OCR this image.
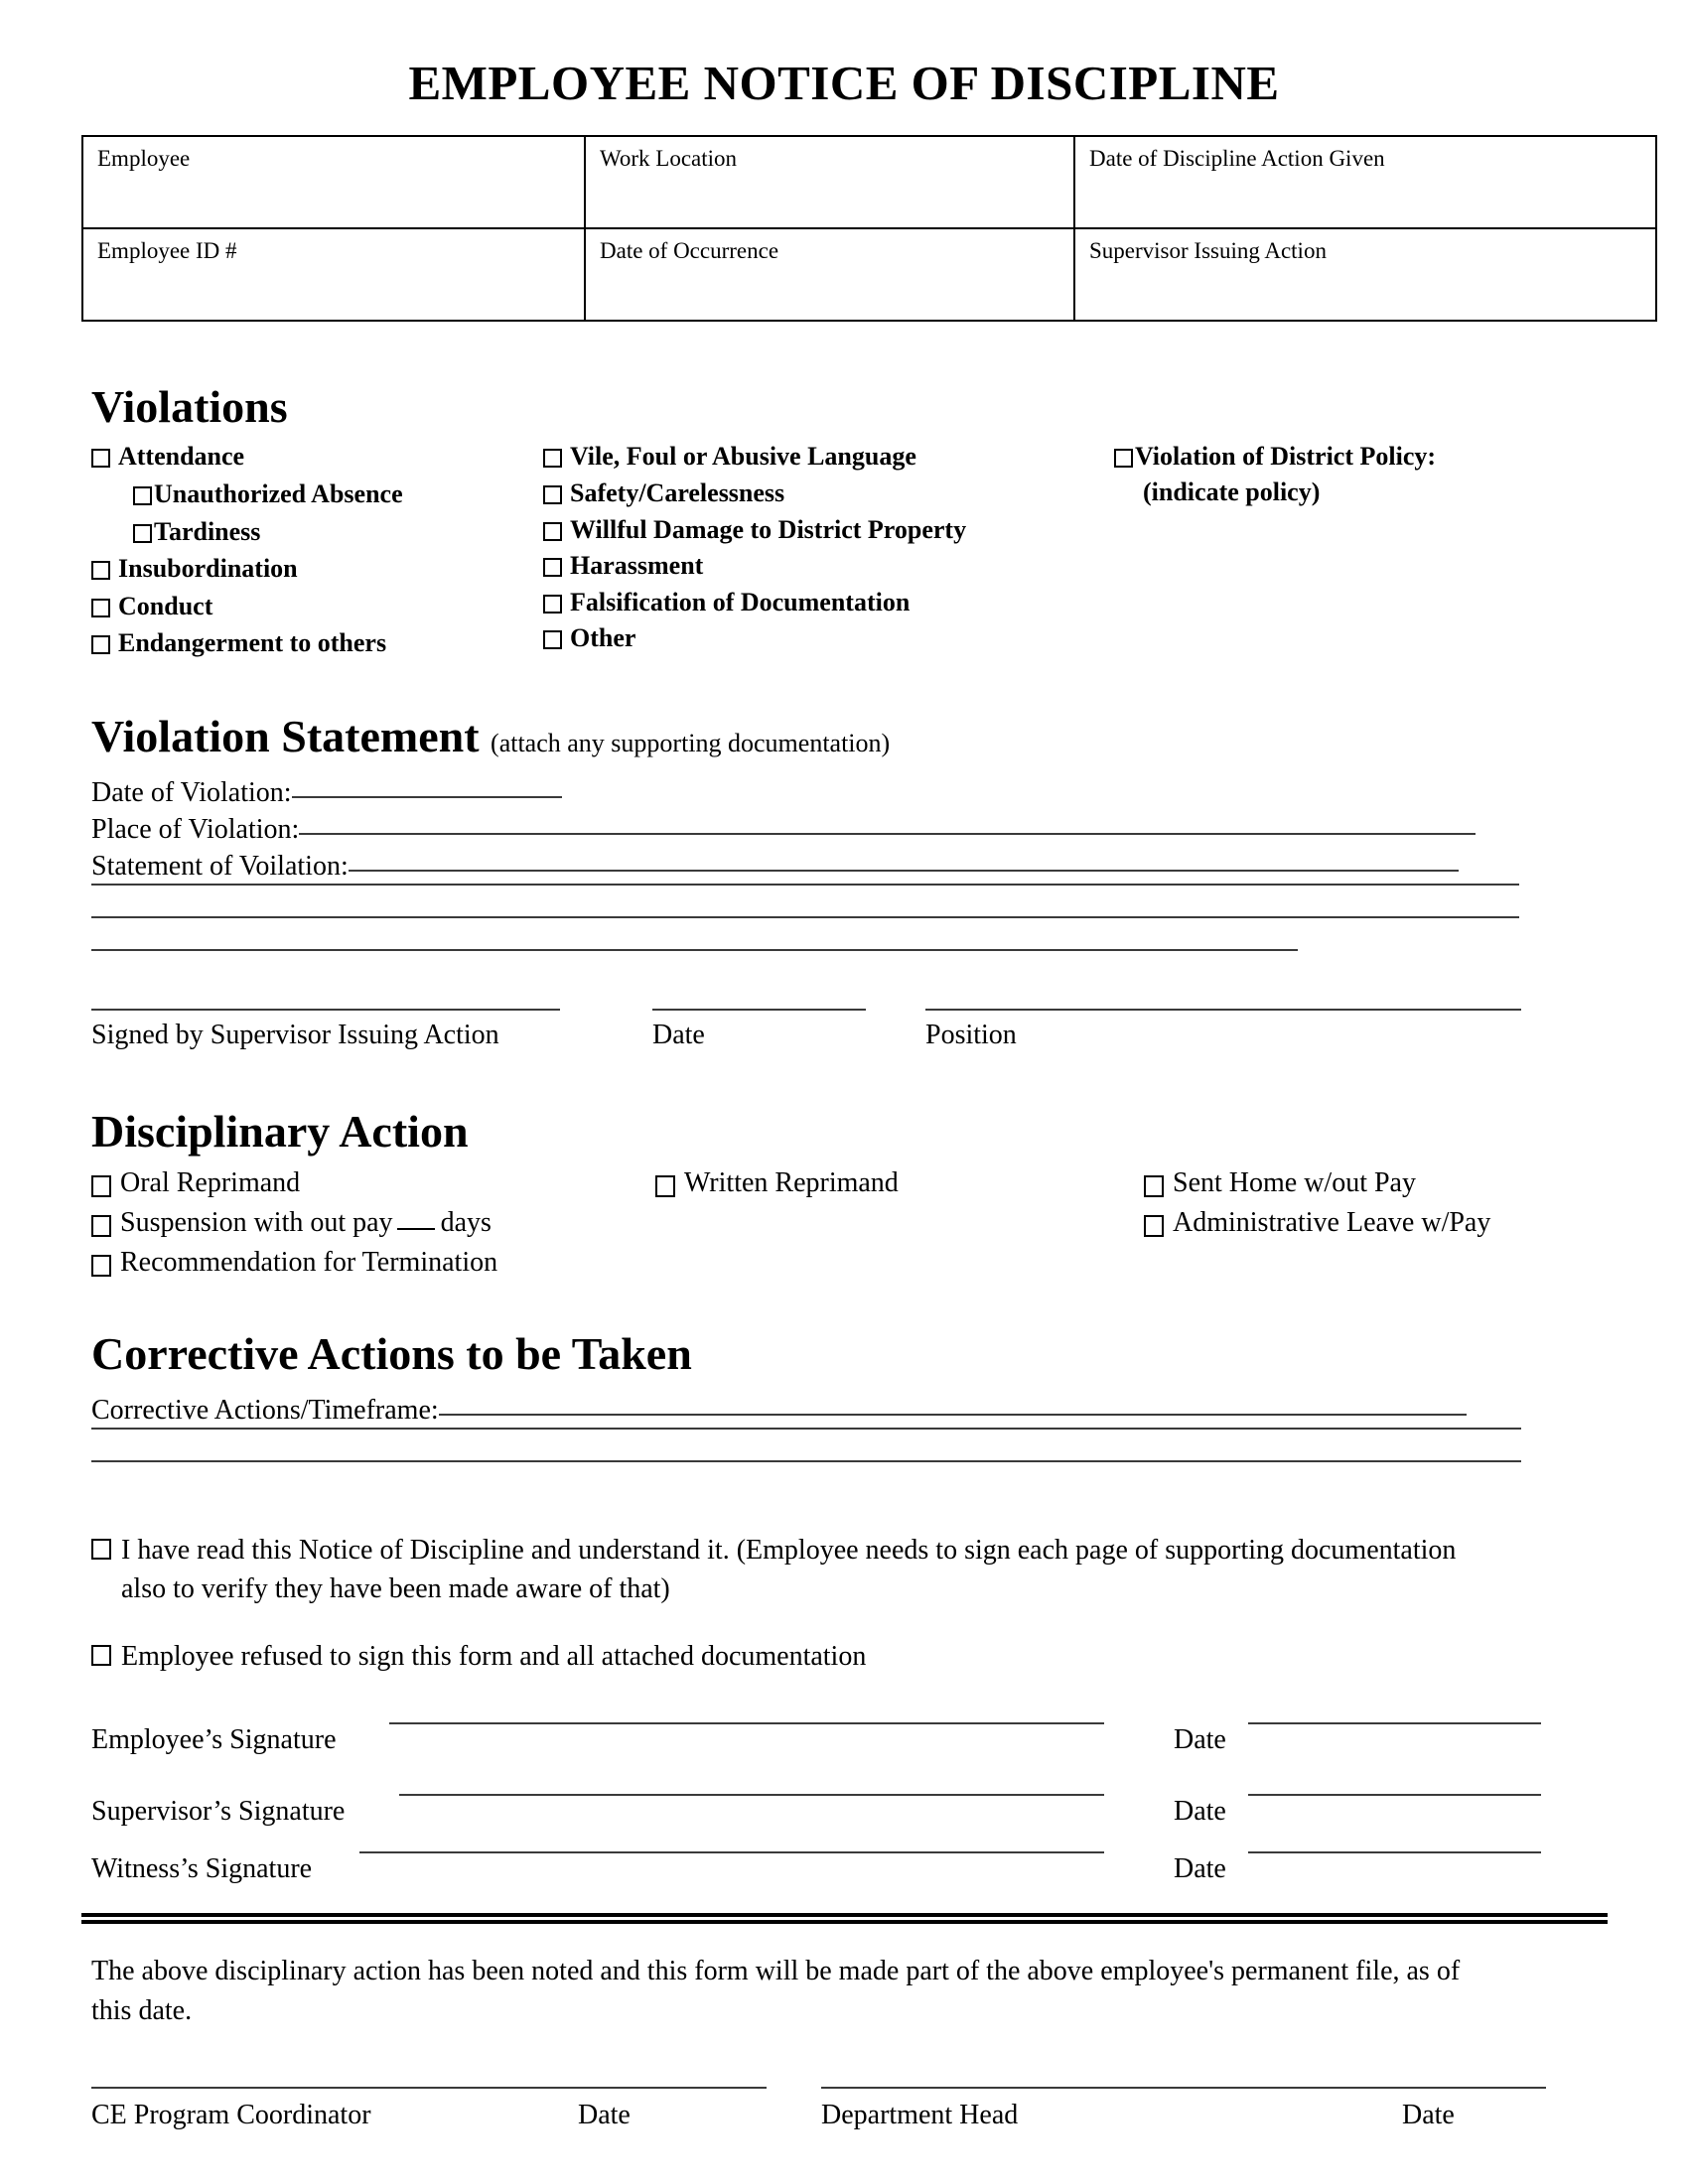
EMPLOYEE NOTICE OF DISCIPLINE
Employee	Work Location	Date of Discipline Action Given
Employee ID #	Date of Occurrence	Supervisor Issuing Action
Violations
Attendance
Unauthorized Absence
Tardiness
Insubordination
Conduct
Endangerment to others
Vile, Foul or Abusive Language
Safety/Carelessness
Willful Damage to District Property
Harassment
Falsification of Documentation
Other
Violation of District Policy:
(indicate policy)
Violation Statement (attach any supporting documentation)
Date of Violation:
Place of Violation:
Statement of Voilation:
Signed by Supervisor Issuing Action	Date	Position
Disciplinary Action
Oral Reprimand
Suspension with out pay days
Recommendation for Termination
Written Reprimand	Sent Home w/out Pay
Administrative Leave w/Pay
Corrective Actions to be Taken
Corrective Actions/Timeframe:
I have read this Notice of Discipline and understand it. (Employee needs to sign each page of supporting documentation also to verify they have been made aware of that)
Employee refused to sign this form and all attached documentation
Employee’s Signature	Date
Supervisor’s Signature	Date
Witness’s Signature	Date
The above disciplinary action has been noted and this form will be made part of the above employee's permanent file, as of this date.
CE Program Coordinator	Date	Department Head	Date
